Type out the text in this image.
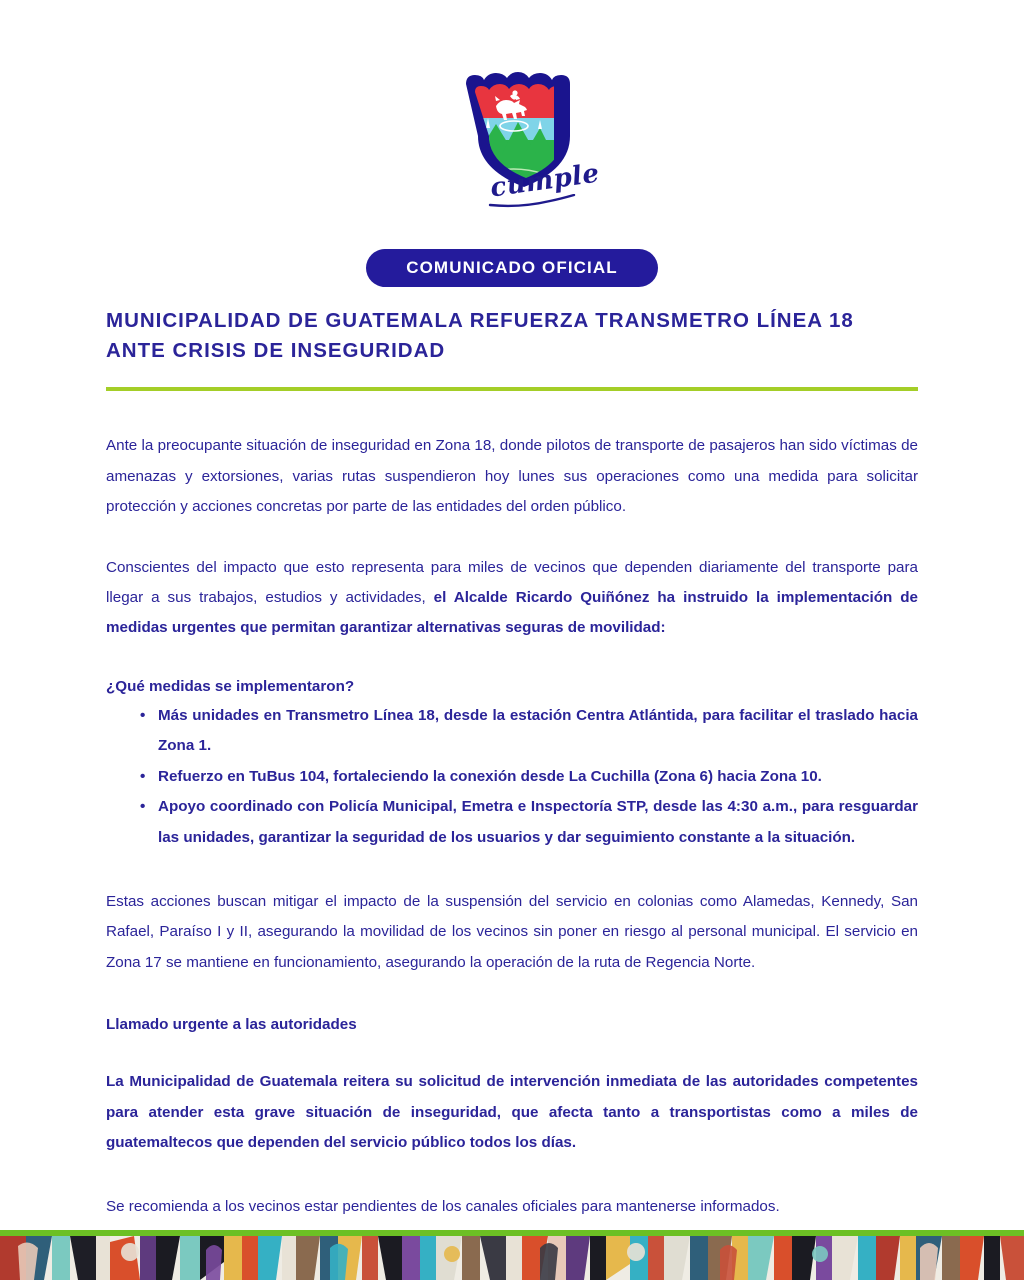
cumple
COMUNICADO OFICIAL
MUNICIPALIDAD DE GUATEMALA REFUERZA TRANSMETRO LÍNEA 18 ANTE CRISIS DE INSEGURIDAD

Ante la preocupante situación de inseguridad en Zona 18, donde pilotos de transporte de pasajeros han sido víctimas de amenazas y extorsiones, varias rutas suspendieron hoy lunes sus operaciones como una medida para solicitar protección y acciones concretas por parte de las entidades del orden público.

Conscientes del impacto que esto representa para miles de vecinos que dependen diariamente del transporte para llegar a sus trabajos, estudios y actividades, el Alcalde Ricardo Quiñónez ha instruido la implementación de medidas urgentes que permitan garantizar alternativas seguras de movilidad:

¿Qué medidas se implementaron?
• Más unidades en Transmetro Línea 18, desde la estación Centra Atlántida, para facilitar el traslado hacia Zona 1.
• Refuerzo en TuBus 104, fortaleciendo la conexión desde La Cuchilla (Zona 6) hacia Zona 10.
• Apoyo coordinado con Policía Municipal, Emetra e Inspectoría STP, desde las 4:30 a.m., para resguardar las unidades, garantizar la seguridad de los usuarios y dar seguimiento constante a la situación.

Estas acciones buscan mitigar el impacto de la suspensión del servicio en colonias como Alamedas, Kennedy, San Rafael, Paraíso I y II, asegurando la movilidad de los vecinos sin poner en riesgo al personal municipal. El servicio en Zona 17 se mantiene en funcionamiento, asegurando la operación de la ruta de Regencia Norte.

Llamado urgente a las autoridades

La Municipalidad de Guatemala reitera su solicitud de intervención inmediata de las autoridades competentes para atender esta grave situación de inseguridad, que afecta tanto a transportistas como a miles de guatemaltecos que dependen del servicio público todos los días.

Se recomienda a los vecinos estar pendientes de los canales oficiales para mantenerse informados.
